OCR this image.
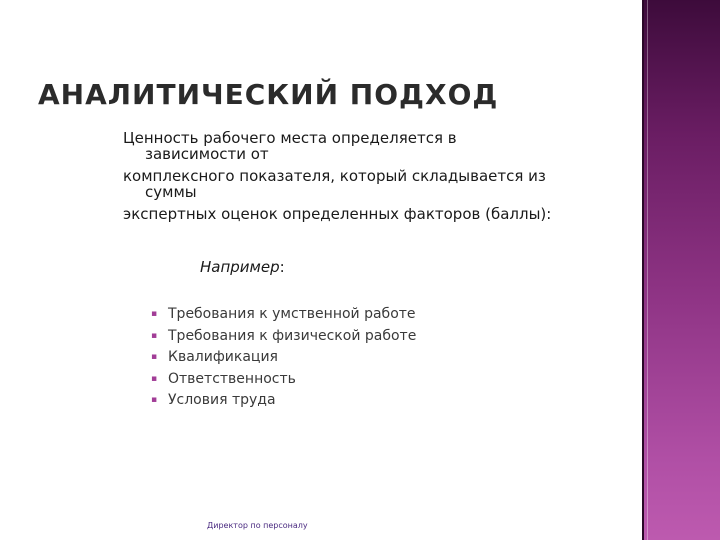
АНАЛИТИЧЕСКИЙ ПОДХОД
Ценность рабочего места определяется в
зависимости от
комплексного показателя, который складывается из
суммы
экспертных оценок определенных факторов (баллы):
Например:
▪ Требования к умственной работе
▪ Требования к физической работе
▪ Квалификация
▪ Ответственность
▪ Условия труда
Директор по персоналу
